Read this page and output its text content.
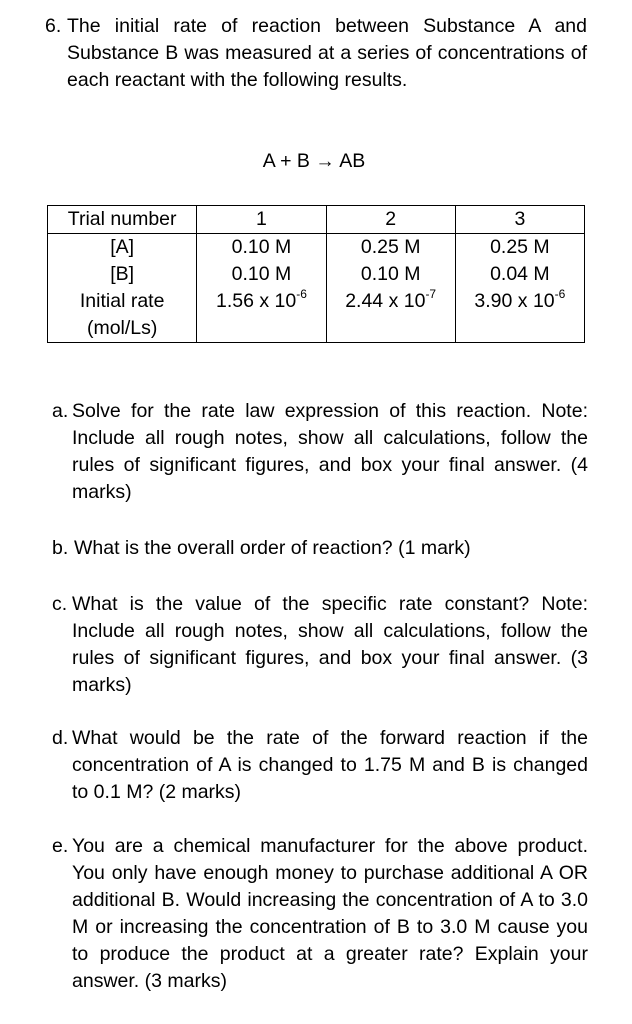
6. The initial rate of reaction between Substance A and Substance B was measured at a series of concentrations of each reactant with the following results.
A + B → AB
Trial number	1	2	3
[A]	0.10 M	0.25 M	0.25 M
[B]	0.10 M	0.10 M	0.04 M

Initial rate
(mol/Ls)	1.56 x $10^{-6}$	2.44 x $10^{-7}$	3.90 x $10^{-6}$
a. Solve for the rate law expression of this reaction. Note: Include all rough notes, show all calculations, follow the rules of significant figures, and box your final answer. (4 marks)
b. What is the overall order of reaction? (1 mark)
c. What is the value of the specific rate constant? Note: Include all rough notes, show all calculations, follow the rules of significant figures, and box your final answer. (3 marks)
d. What would be the rate of the forward reaction if the concentration of A is changed to 1.75 M and B is changed to 0.1 M? (2 marks)
e. You are a chemical manufacturer for the above product. You only have enough money to purchase additional A OR additional B. Would increasing the concentration of A to 3.0 M or increasing the concentration of B to 3.0 M cause you to produce the product at a greater rate? Explain your answer. (3 marks)
